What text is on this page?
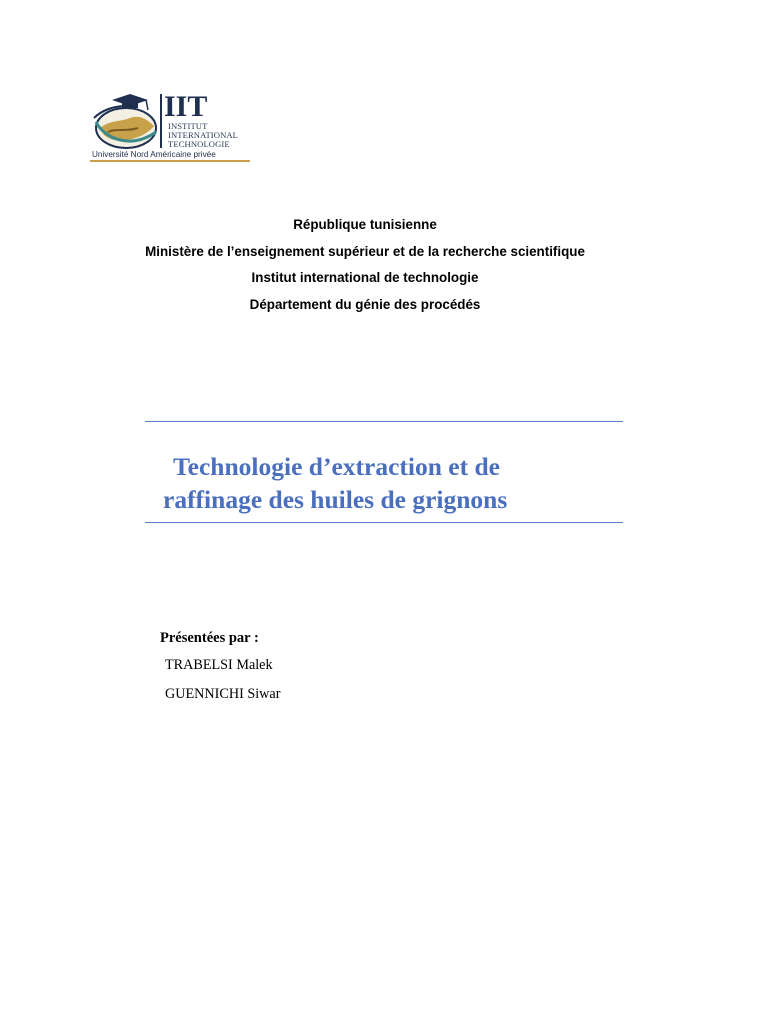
IIT
INSTITUT
INTERNATIONAL
TECHNOLOGIE
Université Nord Américaine privée
République tunisienne
Ministère de l’enseignement supérieur et de la recherche scientifique
Institut international de technologie
Département du génie des procédés
Technologie d’extraction et de
raffinage des huiles de grignons
Présentées par :
TRABELSI Malek
GUENNICHI Siwar
